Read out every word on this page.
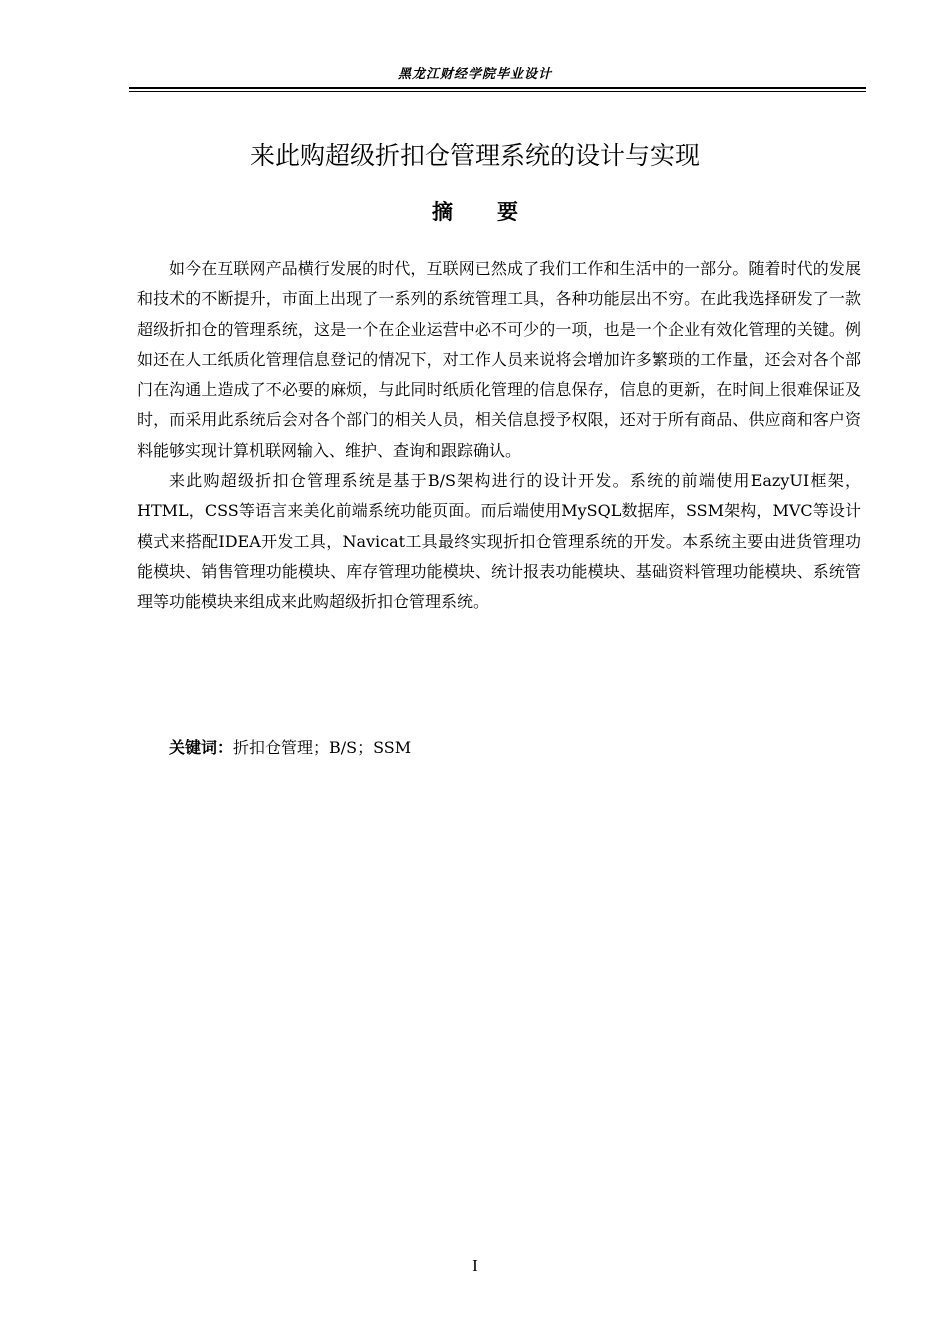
黑龙江财经学院毕业设计
来此购超级折扣仓管理系统的设计与实现
摘要

如今在互联网产品横行发展的时代，互联网已然成了我们工作和生活中的一部分。随着时代的发展和技术的不断提升，市面上出现了一系列的系统管理工具，各种功能层出不穷。在此我选择研发了一款超级折扣仓的管理系统，这是一个在企业运营中必不可少的一项，也是一个企业有效化管理的关键。例如还在人工纸质化管理信息登记的情况下，对工作人员来说将会增加许多繁琐的工作量，还会对各个部门在沟通上造成了不必要的麻烦，与此同时纸质化管理的信息保存，信息的更新，在时间上很难保证及时，而采用此系统后会对各个部门的相关人员，相关信息授予权限，还对于所有商品、供应商和客户资料能够实现计算机联网输入、维护、查询和跟踪确认。

来此购超级折扣仓管理系统是基于B/S架构进行的设计开发。系统的前端使用EazyUI框架，HTML，CSS等语言来美化前端系统功能页面。而后端使用MySQL数据库，SSM架构，MVC等设计模式来搭配IDEA开发工具，Navicat工具最终实现折扣仓管理系统的开发。本系统主要由进货管理功能模块、销售管理功能模块、库存管理功能模块、统计报表功能模块、基础资料管理功能模块、系统管理等功能模块来组成来此购超级折扣仓管理系统。

关键词：折扣仓管理；B/S；SSM
I
